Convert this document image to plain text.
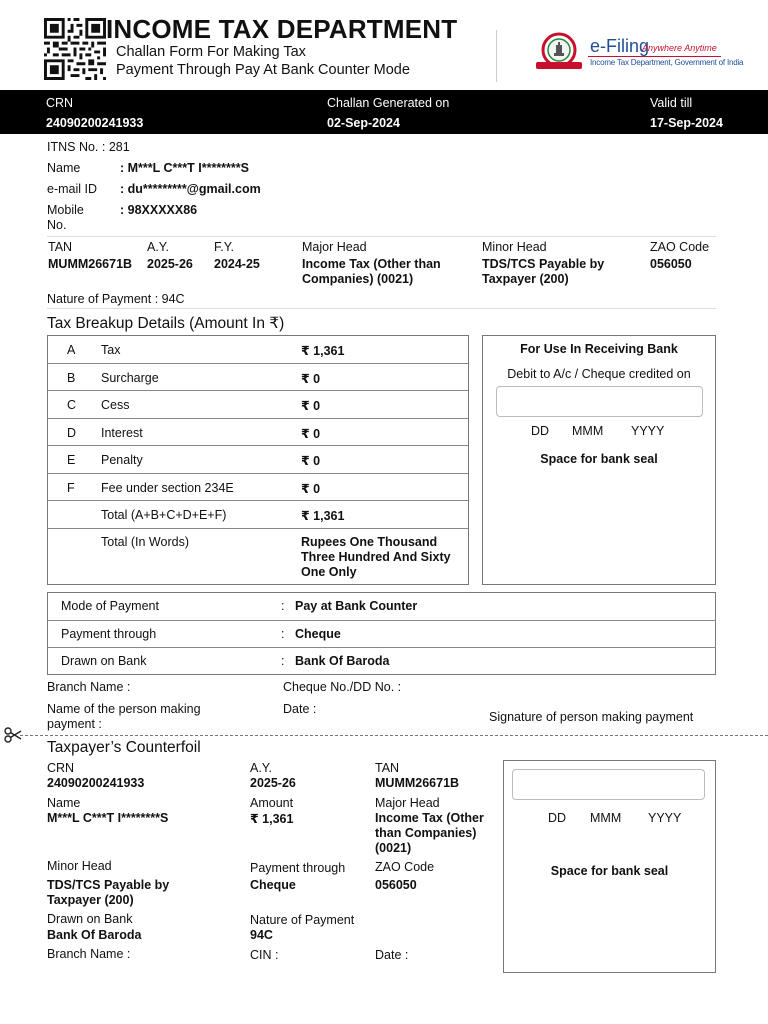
INCOME TAX DEPARTMENT
Challan Form For Making Tax
Payment Through Pay At Bank Counter Mode
e-Filing
Anywhere Anytime
Income Tax Department, Government of India
CRN
24090200241933
Challan Generated on
02-Sep-2024
Valid till
17-Sep-2024
ITNS No. : 281
Name	: M***L C***T I********S
e-mail ID : du*********@gmail.com
Mobile
No.
: 98XXXXX86
TAN
MUMM26671B
A.Y.
2025-26
F.Y.
2024-25
Major Head
Income Tax (Other than
Companies) (0021)
Minor Head
TDS/TCS Payable by
Taxpayer (200)
ZAO Code
056050
Nature of Payment : 94C
Tax Breakup Details (Amount In ₹)
A Tax	₹ 1,361
B Surcharge	₹ 0
C Cess	₹ 0
D Interest	₹ 0
E Penalty	₹ 0
F Fee under section 234E	₹ 0
Total (A+B+C+D+E+F)	₹ 1,361
Total (In Words)	Rupees One Thousand
Three Hundred And Sixty
One Only
For Use In Receiving Bank
Debit to A/c / Cheque credited on
DD MMM YYYY
Space for bank seal
Mode of Payment	: Pay at Bank Counter
Payment through	: Cheque
Drawn on Bank	: Bank Of Baroda
Branch Name :	Cheque No./DD No. :
Name of the person making
payment :
Date :
Signature of person making payment
Taxpayer’s Counterfoil
CRN
24090200241933
A.Y.
2025-26
TAN
MUMM26671B
Name
M***L C***T I********S
Amount
₹ 1,361
Major Head
Income Tax (Other
than Companies)
(0021)
Minor Head
TDS/TCS Payable by
Taxpayer (200)
Payment through
Cheque
ZAO Code
056050
Drawn on Bank
Bank Of Baroda
Nature of Payment
94C
Branch Name :	CIN :	Date :
DD MMM YYYY
Space for bank seal
